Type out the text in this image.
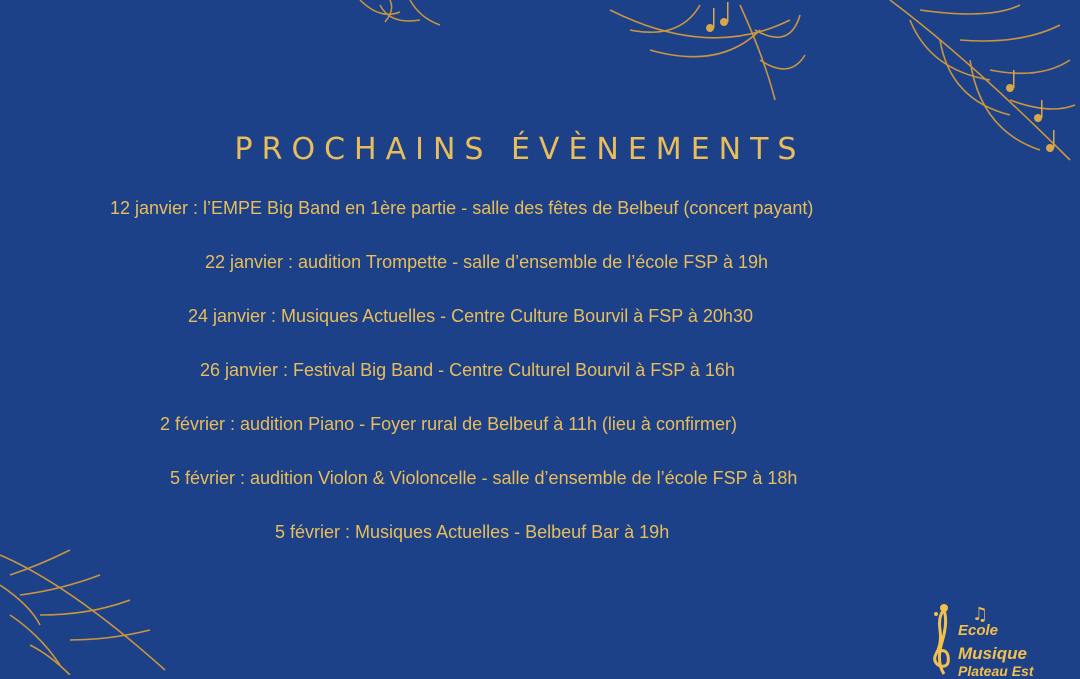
PROCHAINS ÉVÈNEMENTS
12 janvier : l’EMPE Big Band en 1ère partie - salle des fêtes de Belbeuf (concert payant)
22 janvier : audition Trompette - salle d’ensemble de l’école FSP à 19h
24 janvier : Musiques Actuelles - Centre Culture Bourvil à FSP à 20h30
26 janvier : Festival Big Band - Centre Culturel Bourvil à FSP à 16h
2 février : audition Piano - Foyer rural de Belbeuf à 11h (lieu à confirmer)
5 février : audition Violon & Violoncelle - salle d’ensemble de l’école FSP à 18h
5 février : Musiques Actuelles - Belbeuf Bar à 19h
Ecole
Musique
Plateau Est
♫
